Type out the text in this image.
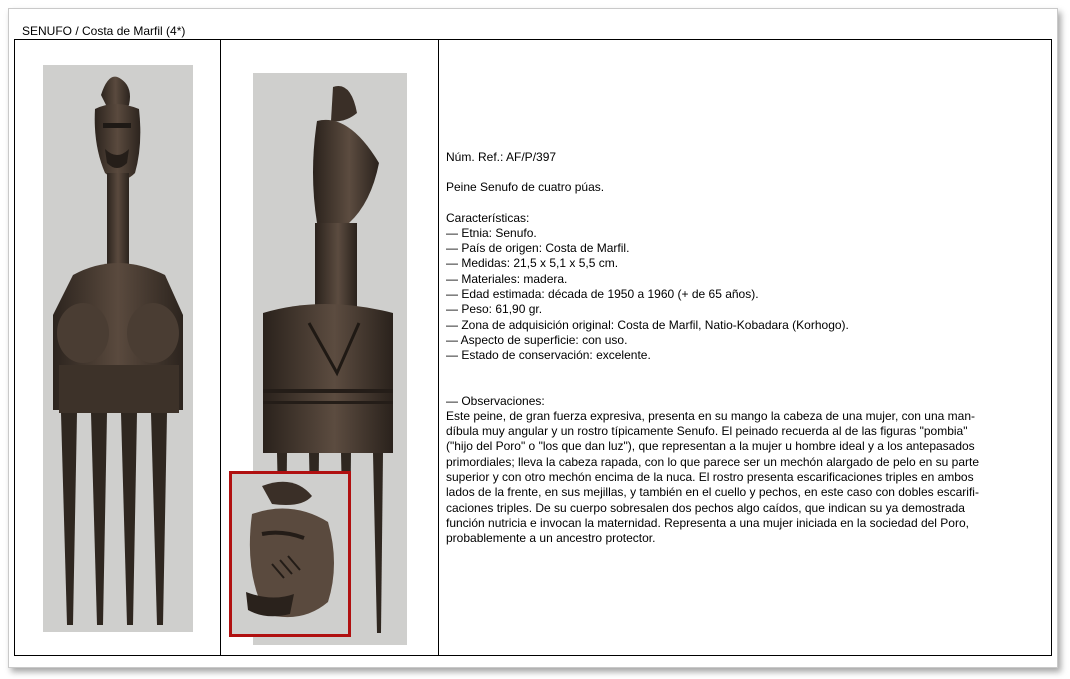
SENUFO / Costa de Marfil (4*)

Núm. Ref.: AF/P/397

Peine Senufo de cuatro púas.

Características:

— Etnia: Senufo.

— País de origen: Costa de Marfil.

— Medidas: 21,5 x 5,1 x 5,5 cm.

— Materiales: madera.

— Edad estimada: década de 1950 a 1960 (+ de 65 años).

— Peso: 61,90 gr.

— Zona de adquisición original: Costa de Marfil, Natio-Kobadara (Korhogo).

— Aspecto de superficie: con uso.

— Estado de conservación: excelente.

— Observaciones:

Este peine, de gran fuerza expresiva, presenta en su mango la cabeza de una mujer, con una man-

díbula muy angular y un rostro típicamente Senufo. El peinado recuerda al de las figuras "pombia"

("hijo del Poro" o "los que dan luz"), que representan a la mujer u hombre ideal y a los antepasados

primordiales; lleva la cabeza rapada, con lo que parece ser un mechón alargado de pelo en su parte

superior y con otro mechón encima de la nuca. El rostro presenta escarificaciones triples en ambos

lados de la frente, en sus mejillas, y también en el cuello y pechos, en este caso con dobles escarifi-

caciones triples. De su cuerpo sobresalen dos pechos algo caídos, que indican su ya demostrada

función nutricia e invocan la maternidad. Representa a una mujer iniciada en la sociedad del Poro,

probablemente a un ancestro protector.
